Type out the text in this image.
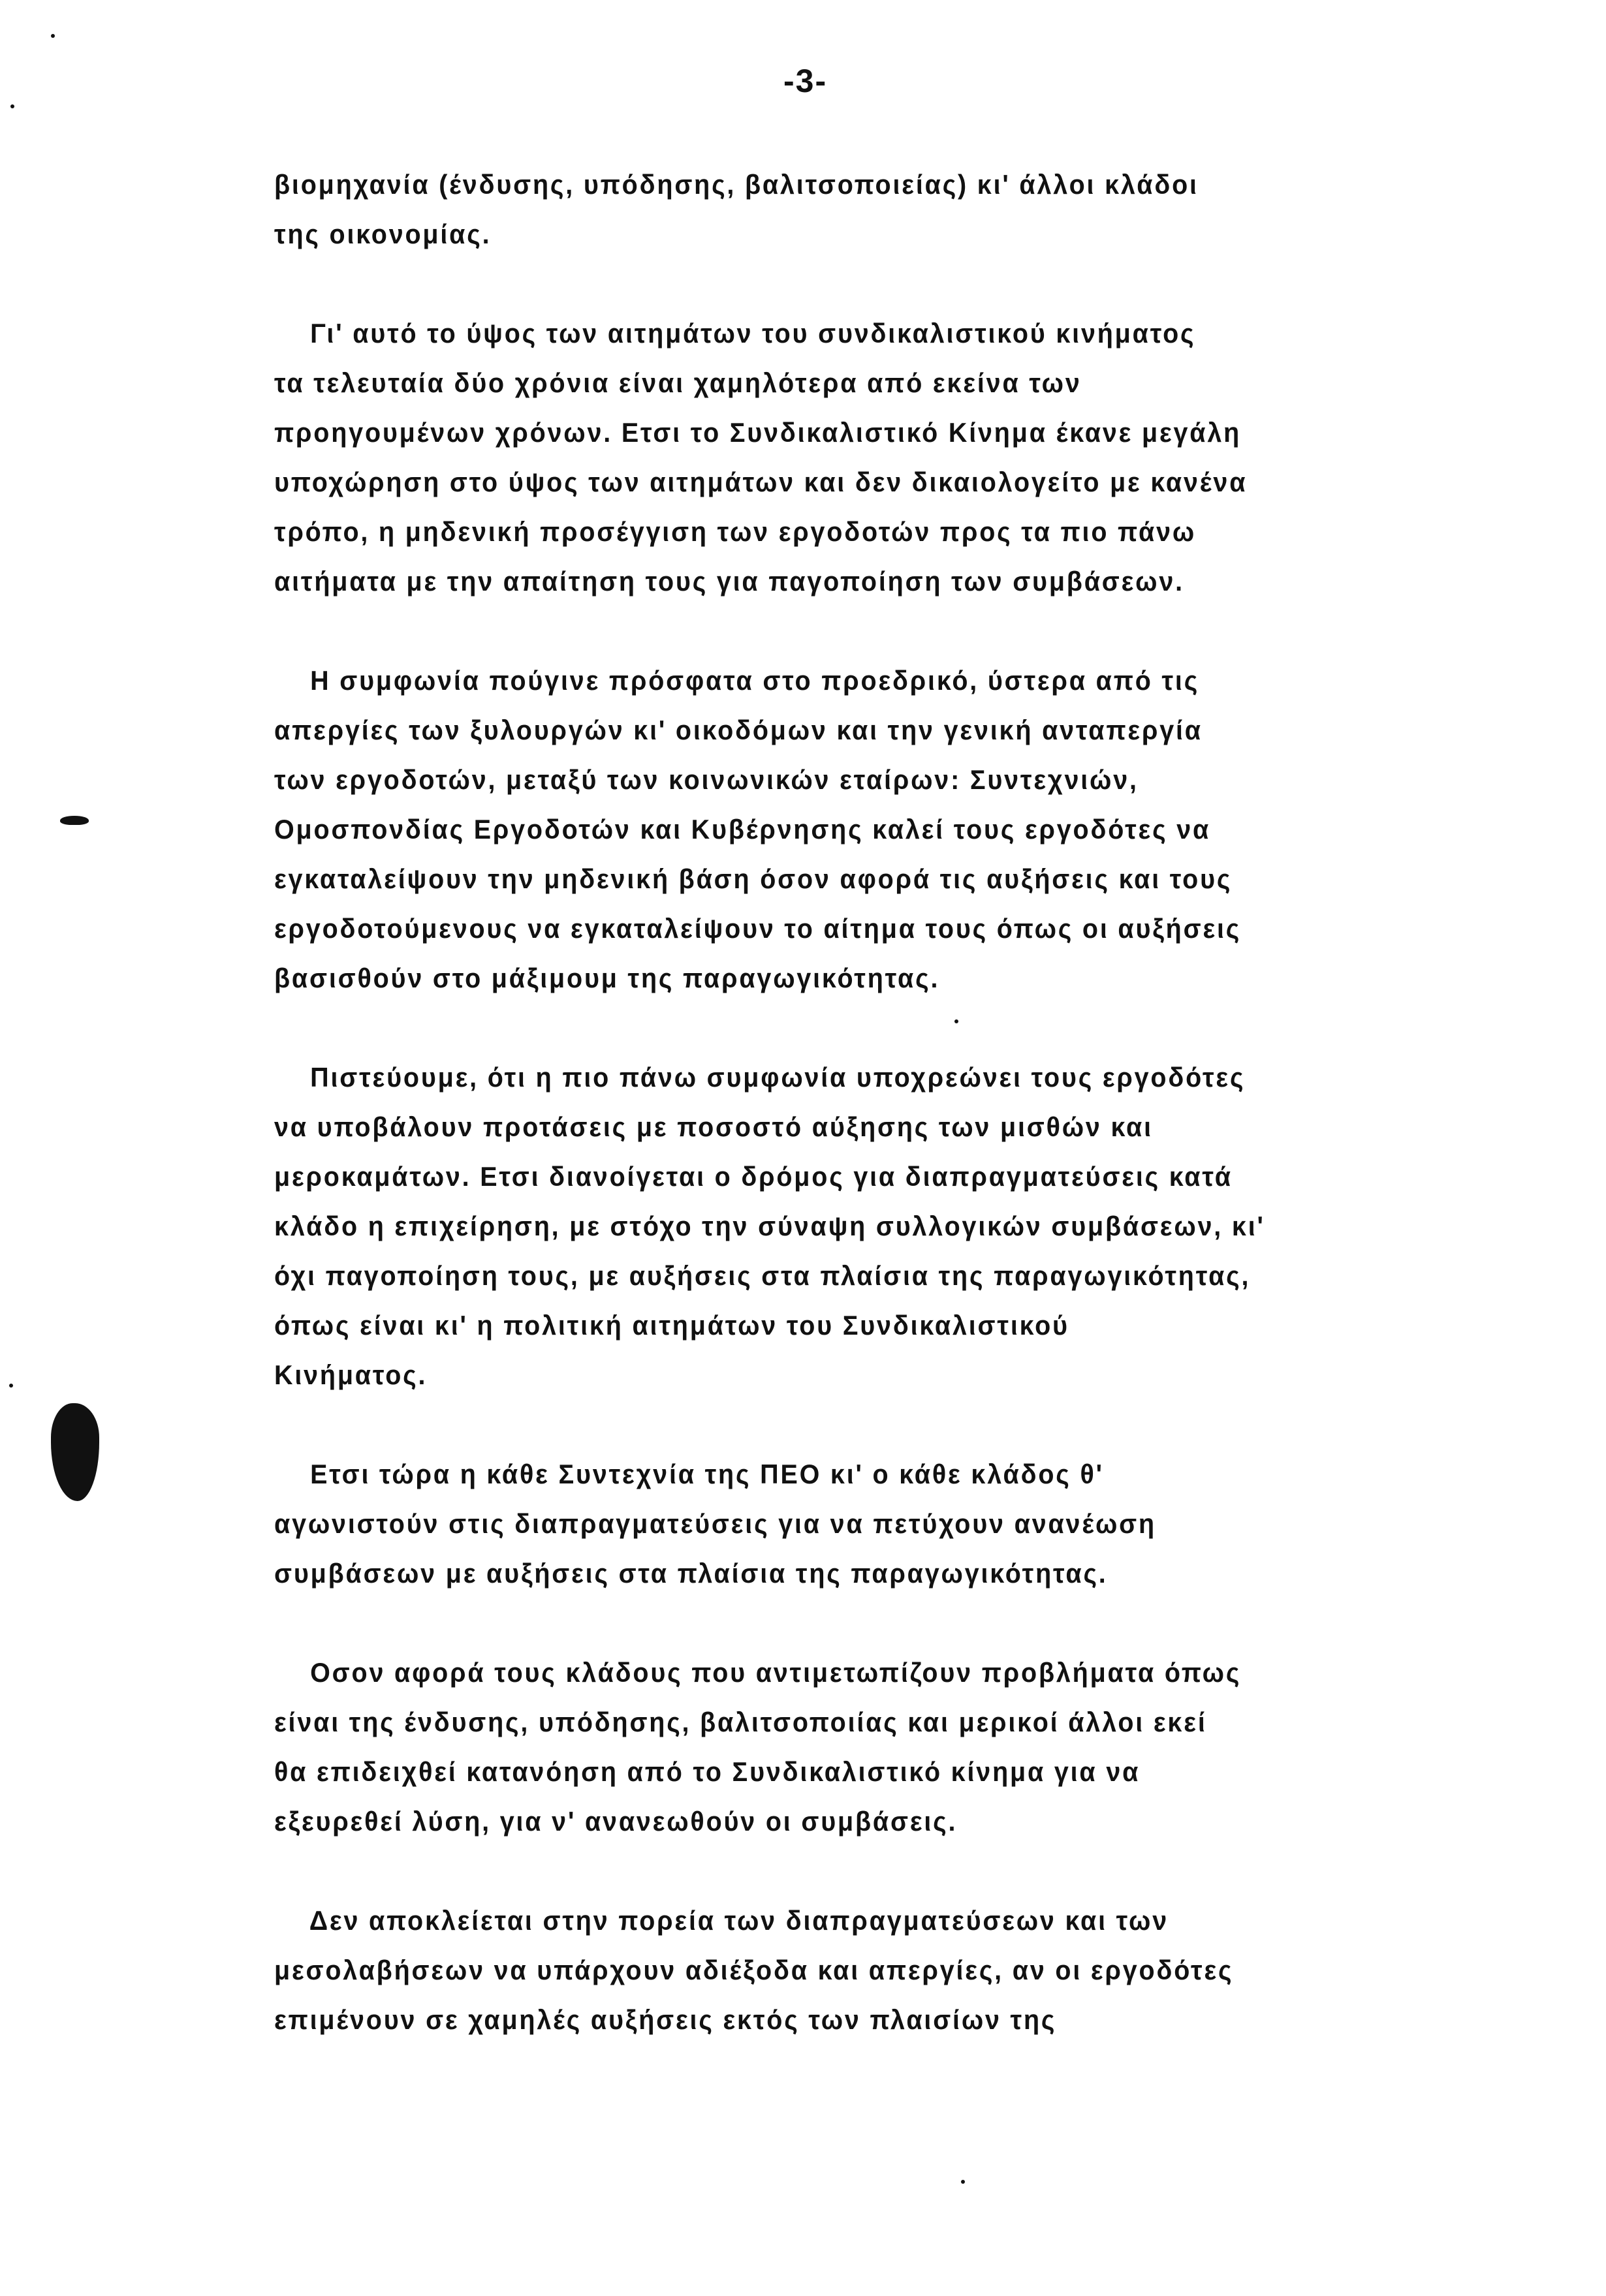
-3-
βιομηχανία (ένδυσης, υπόδησης, βαλιτσοποιείας) κι' άλλοι κλάδοι
της οικονομίας.
Γι' αυτό το ύψος των αιτημάτων του συνδικαλιστικού κινήματος
τα τελευταία δύο χρόνια είναι χαμηλότερα από εκείνα των
προηγουμένων χρόνων. Ετσι το Συνδικαλιστικό Κίνημα έκανε μεγάλη
υποχώρηση στο ύψος των αιτημάτων και δεν δικαιολογείτο με κανένα
τρόπο, η μηδενική προσέγγιση των εργοδοτών προς τα πιο πάνω
αιτήματα με την απαίτηση τους για παγοποίηση των συμβάσεων.
Η συμφωνία πούγινε πρόσφατα στο προεδρικό, ύστερα από τις
απεργίες των ξυλουργών κι' οικοδόμων και την γενική ανταπεργία
των εργοδοτών, μεταξύ των κοινωνικών εταίρων: Συντεχνιών,
Ομοσπονδίας Εργοδοτών και Κυβέρνησης καλεί τους εργοδότες να
εγκαταλείψουν την μηδενική βάση όσον αφορά τις αυξήσεις και τους
εργοδοτούμενους να εγκαταλείψουν το αίτημα τους όπως οι αυξήσεις
βασισθούν στο μάξιμουμ της παραγωγικότητας.
Πιστεύουμε, ότι η πιο πάνω συμφωνία υποχρεώνει τους εργοδότες
να υποβάλουν προτάσεις με ποσοστό αύξησης των μισθών και
μεροκαμάτων. Ετσι διανοίγεται ο δρόμος για διαπραγματεύσεις κατά
κλάδο η επιχείρηση, με στόχο την σύναψη συλλογικών συμβάσεων, κι'
όχι παγοποίηση τους, με αυξήσεις στα πλαίσια της παραγωγικότητας,
όπως είναι κι' η πολιτική αιτημάτων του Συνδικαλιστικού
Κινήματος.
Ετσι τώρα η κάθε Συντεχνία της ΠΕΟ κι' ο κάθε κλάδος θ'
αγωνιστούν στις διαπραγματεύσεις για να πετύχουν ανανέωση
συμβάσεων με αυξήσεις στα πλαίσια της παραγωγικότητας.
Οσον αφορά τους κλάδους που αντιμετωπίζουν προβλήματα όπως
είναι της ένδυσης, υπόδησης, βαλιτσοποιίας και μερικοί άλλοι εκεί
θα επιδειχθεί κατανόηση από το Συνδικαλιστικό κίνημα για να
εξευρεθεί λύση, για ν' ανανεωθούν οι συμβάσεις.
Δεν αποκλείεται στην πορεία των διαπραγματεύσεων και των
μεσολαβήσεων να υπάρχουν αδιέξοδα και απεργίες, αν οι εργοδότες
επιμένουν σε χαμηλές αυξήσεις εκτός των πλαισίων της
